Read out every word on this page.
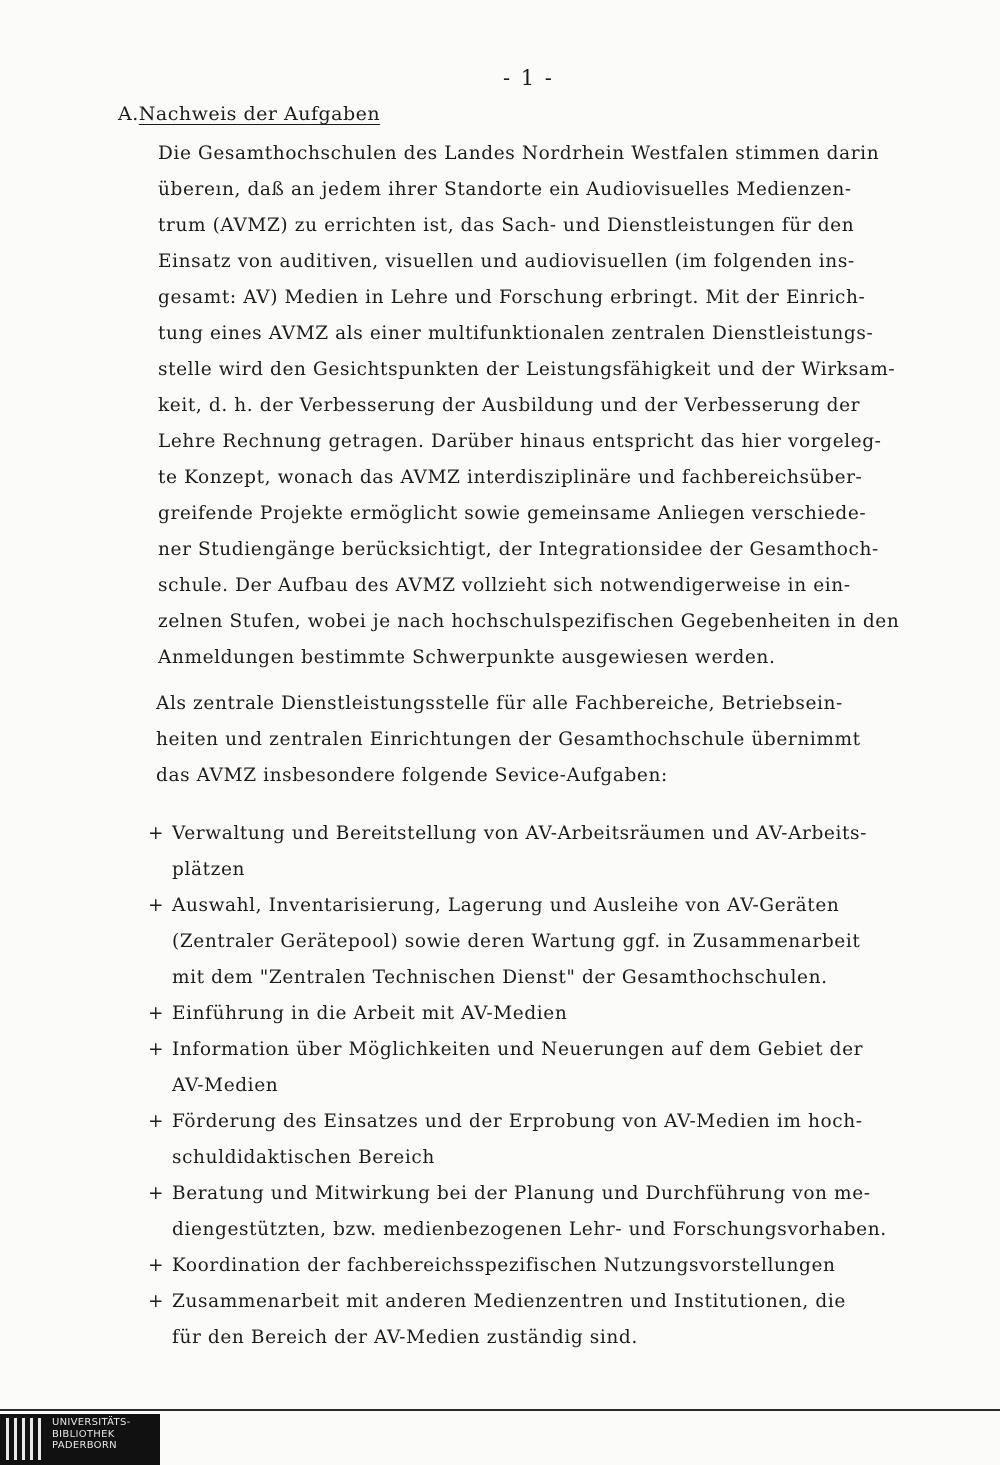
- 1 -
A.Nachweis der Aufgaben

Die Gesamthochschulen des Landes Nordrhein Westfalen stimmen darin
übereın, daß an jedem ihrer Standorte ein Audiovisuelles Medienzen-
trum (AVMZ) zu errichten ist, das Sach- und Dienstleistungen für den
Einsatz von auditiven, visuellen und audiovisuellen (im folgenden ins-
gesamt: AV) Medien in Lehre und Forschung erbringt. Mit der Einrich-
tung eines AVMZ als einer multifunktionalen zentralen Dienstleistungs-
stelle wird den Gesichtspunkten der Leistungsfähigkeit und der Wirksam-
keit, d. h. der Verbesserung der Ausbildung und der Verbesserung der
Lehre Rechnung getragen. Darüber hinaus entspricht das hier vorgeleg-
te Konzept, wonach das AVMZ interdisziplinäre und fachbereichsüber-
greifende Projekte ermöglicht sowie gemeinsame Anliegen verschiede-
ner Studiengänge berücksichtigt, der Integrationsidee der Gesamthoch-
schule. Der Aufbau des AVMZ vollzieht sich notwendigerweise in ein-
zelnen Stufen, wobei je nach hochschulspezifischen Gegebenheiten in den
Anmeldungen bestimmte Schwerpunkte ausgewiesen werden.

Als zentrale Dienstleistungsstelle für alle Fachbereiche, Betriebsein-
heiten und zentralen Einrichtungen der Gesamthochschule übernimmt
das AVMZ insbesondere folgende Sevice-Aufgaben:

+ Verwaltung und Bereitstellung von AV-Arbeitsräumen und AV-Arbeits-
plätzen
+ Auswahl, Inventarisierung, Lagerung und Ausleihe von AV-Geräten
(Zentraler Gerätepool) sowie deren Wartung ggf. in Zusammenarbeit
mit dem "Zentralen Technischen Dienst" der Gesamthochschulen.
+ Einführung in die Arbeit mit AV-Medien
+ Information über Möglichkeiten und Neuerungen auf dem Gebiet der
AV-Medien
+ Förderung des Einsatzes und der Erprobung von AV-Medien im hoch-
schuldidaktischen Bereich
+ Beratung und Mitwirkung bei der Planung und Durchführung von me-
diengestützten, bzw. medienbezogenen Lehr- und Forschungsvorhaben.
+ Koordination der fachbereichsspezifischen Nutzungsvorstellungen
+ Zusammenarbeit mit anderen Medienzentren und Institutionen, die
für den Bereich der AV-Medien zuständig sind.
UNIVERSITÄTS-
BIBLIOTHEK
PADERBORN
